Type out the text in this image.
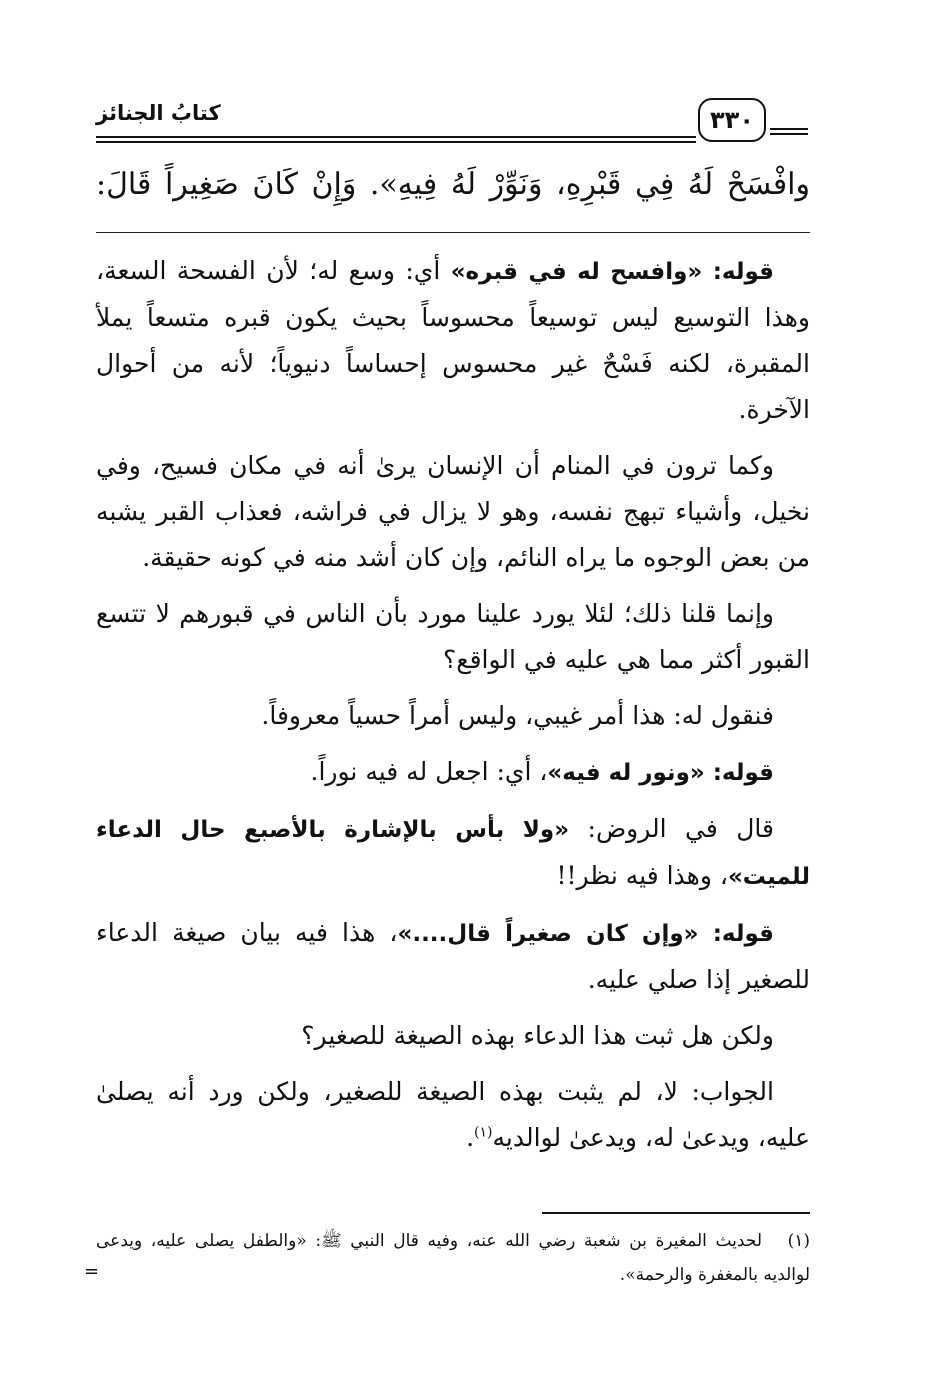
٣٣٠
كتابُ الجنائز
وافْسَحْ لَهُ فِي قَبْرِهِ، وَنَوِّرْ لَهُ فِيهِ». وَإِنْ كَانَ صَغِيراً قَالَ:

قوله: «وافسح له في قبره» أي: وسع له؛ لأن الفسحة السعة، وهذا التوسيع ليس توسيعاً محسوساً بحيث يكون قبره متسعاً يملأ المقبرة، لكنه فَسْحٌ غير محسوس إحساساً دنيوياً؛ لأنه من أحوال الآخرة.

وكما ترون في المنام أن الإنسان يرىٰ أنه في مكان فسيح، وفي نخيل، وأشياء تبهج نفسه، وهو لا يزال في فراشه، فعذاب القبر يشبه من بعض الوجوه ما يراه النائم، وإن كان أشد منه في كونه حقيقة.

وإنما قلنا ذلك؛ لئلا يورد علينا مورد بأن الناس في قبورهم لا تتسع القبور أكثر مما هي عليه في الواقع؟

فنقول له: هذا أمر غيبي، وليس أمراً حسياً معروفاً.

قوله: «ونور له فيه»، أي: اجعل له فيه نوراً.

قال في الروض: «ولا بأس بالإشارة بالأصبع حال الدعاء للميت»، وهذا فيه نظر!!

قوله: «وإن كان صغيراً قال....»، هذا فيه بيان صيغة الدعاء للصغير إذا صلي عليه.

ولكن هل ثبت هذا الدعاء بهذه الصيغة للصغير؟

الجواب: لا، لم يثبت بهذه الصيغة للصغير، ولكن ورد أنه يصلىٰ عليه، ويدعىٰ له، ويدعىٰ لوالديه$^{(١)}$.

(١)لحديث المغيرة بن شعبة رضي الله عنه، وفيه قال النبي ﷺ: «والطفل يصلى عليه، ويدعى لوالديه بالمغفرة والرحمة».
=
